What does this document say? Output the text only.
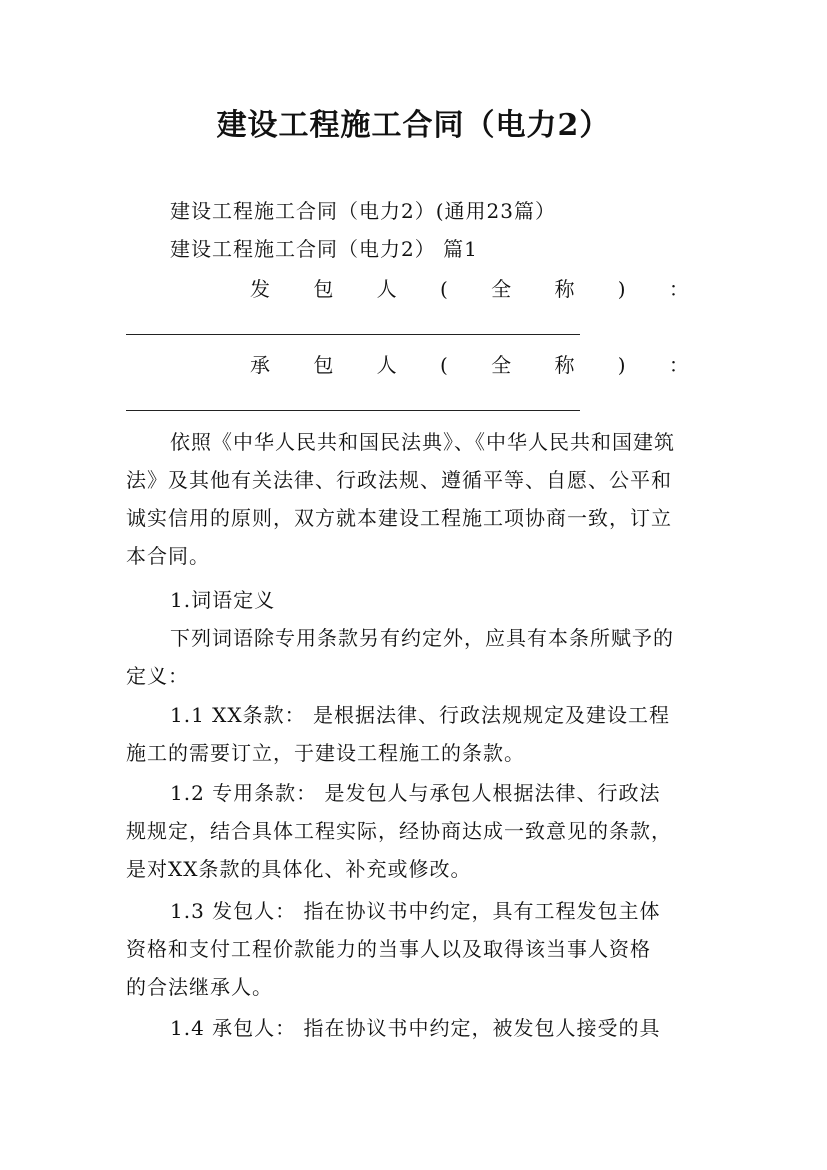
建设工程施工合同（电力2）
建设工程施工合同（电力2）(通用23篇）
建设工程施工合同（电力2） 篇1
发 包 人 ( 全 称 ) ：
承 包 人 ( 全 称 ) ：
依照《中华人民共和国民法典》、《中华人民共和国建筑
法》及其他有关法律、行政法规、遵循平等、自愿、公平和
诚实信用的原则，双方就本建设工程施工项协商一致，订立
本合同。
1.词语定义
下列词语除专用条款另有约定外，应具有本条所赋予的
定义：
1.1 XX条款： 是根据法律、行政法规规定及建设工程
施工的需要订立，于建设工程施工的条款。
1.2 专用条款： 是发包人与承包人根据法律、行政法
规规定，结合具体工程实际，经协商达成一致意见的条款，
是对XX条款的具体化、补充或修改。
1.3 发包人： 指在协议书中约定，具有工程发包主体
资格和支付工程价款能力的当事人以及取得该当事人资格
的合法继承人。
1.4 承包人： 指在协议书中约定，被发包人接受的具
